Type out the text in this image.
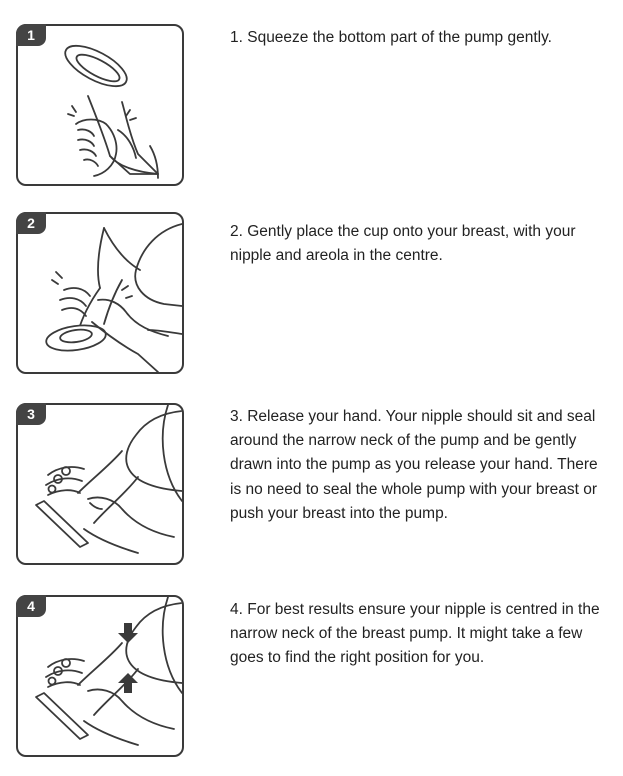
1	1. Squeeze the bottom part of the pump gently.

2	2. Gently place the cup onto your breast, with your nipple and areola in the centre.

3	3. Release your hand. Your nipple should sit and seal around the narrow neck of the pump and be gently drawn into the pump as you release your hand. There is no need to seal the whole pump with your breast or push your breast into the pump.

4	4. For best results ensure your nipple is centred in the narrow neck of the breast pump. It might take a few goes to find the right position for you.
